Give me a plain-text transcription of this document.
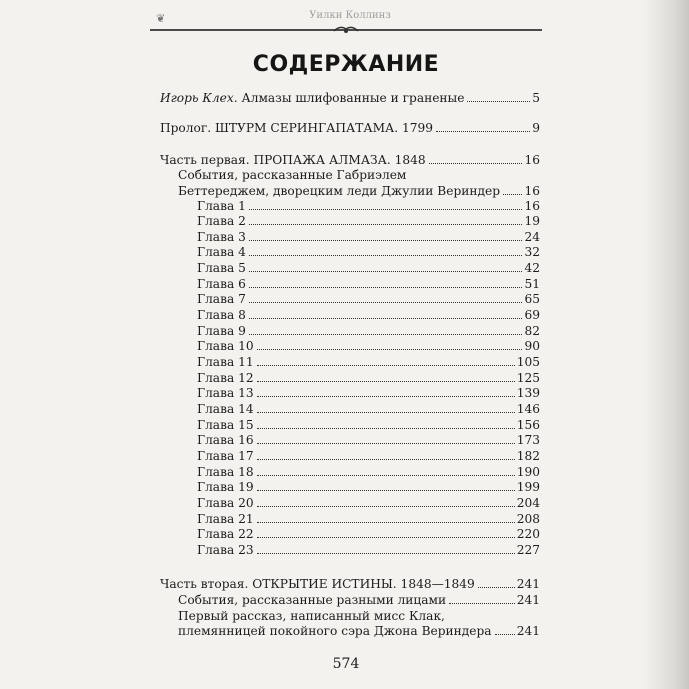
❦	Уилки Коллинз
СОДЕРЖАНИЕ
Игорь Клех. Алмазы шлифованные и граненые	5
Пролог. ШТУРМ СЕРИНГАПАТАМА. 1799	9
Часть первая. ПРОПАЖА АЛМАЗА. 1848	16
События, рассказанные Габриэлем
Беттереджем, дворецким леди Джулии Вериндер 16
Глава 1	16
Глава 2	19
Глава 3	24
Глава 4	32
Глава 5	42
Глава 6	51
Глава 7	65
Глава 8	69
Глава 9	82
Глава 10	90
Глава 11	105
Глава 12	125
Глава 13	139
Глава 14	146
Глава 15	156
Глава 16	173
Глава 17	182
Глава 18	190
Глава 19	199
Глава 20	204
Глава 21	208
Глава 22	220
Глава 23	227
Часть вторая. ОТКРЫТИЕ ИСТИНЫ. 1848—1849	241
События, рассказанные разными лицами	241
Первый рассказ, написанный мисс Клак,
племянницей покойного сэра Джона Вериндера 241
574
